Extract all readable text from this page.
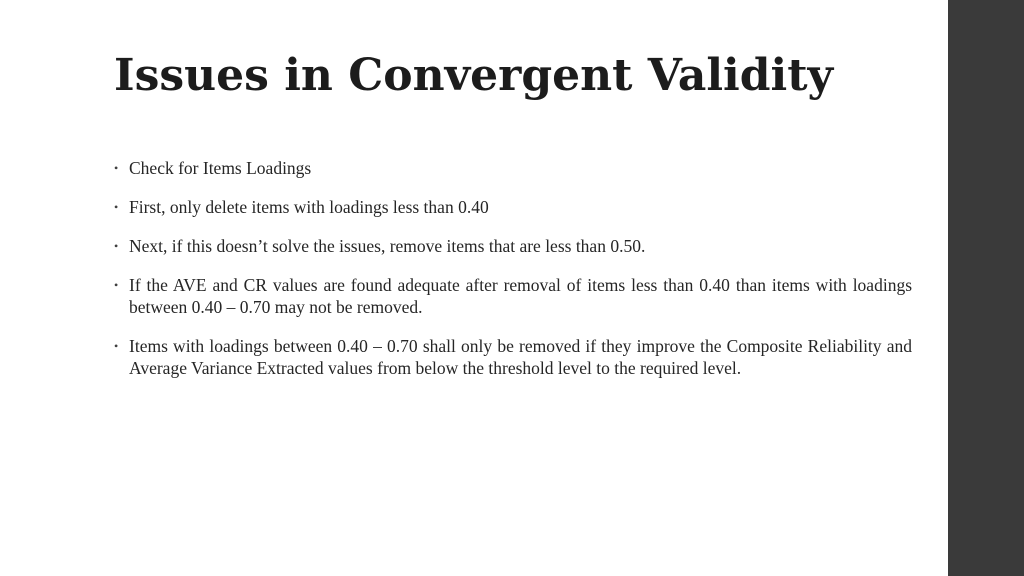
Issues in Convergent Validity
• Check for Items Loadings
• First, only delete items with loadings less than 0.40
• Next, if this doesn’t solve the issues, remove items that are less than 0.50.
• If the AVE and CR values are found adequate after removal of items less than 0.40 than items with loadings between 0.40 – 0.70 may not be removed.
• Items with loadings between 0.40 – 0.70 shall only be removed if they improve the Composite Reliability and Average Variance Extracted values from below the threshold level to the required level.
